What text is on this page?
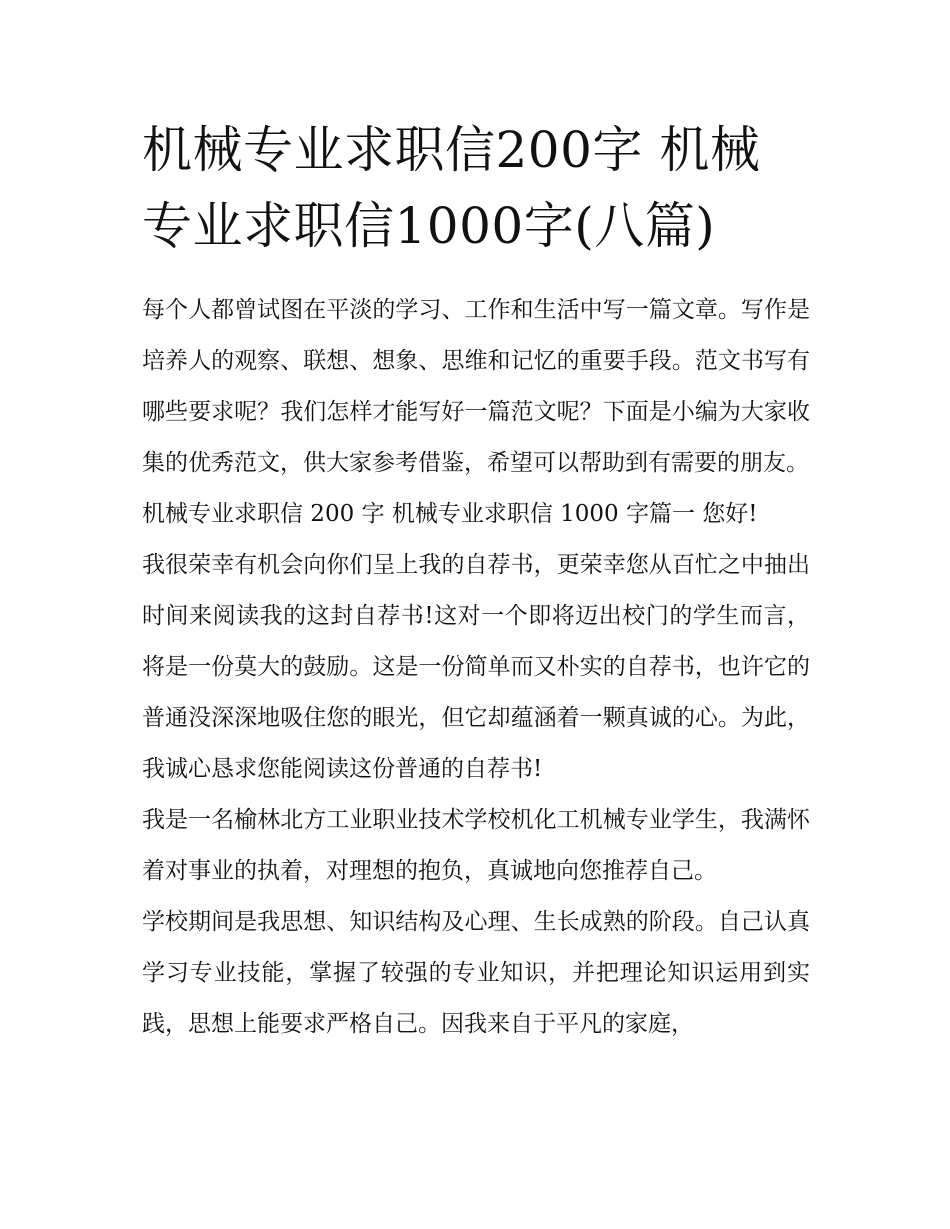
机械专业求职信200字 机械专业求职信1000字(八篇)

每个人都曾试图在平淡的学习、工作和生活中写一篇文章。写作是培养人的观察、联想、想象、思维和记忆的重要手段。范文书写有哪些要求呢？我们怎样才能写好一篇范文呢？下面是小编为大家收集的优秀范文，供大家参考借鉴，希望可以帮助到有需要的朋友。

机械专业求职信 200 字 机械专业求职信 1000 字篇一 您好!

我很荣幸有机会向你们呈上我的自荐书，更荣幸您从百忙之中抽出时间来阅读我的这封自荐书!这对一个即将迈出校门的学生而言，将是一份莫大的鼓励。这是一份简单而又朴实的自荐书，也许它的普通没深深地吸住您的眼光，但它却蕴涵着一颗真诚的心。为此，我诚心恳求您能阅读这份普通的自荐书!

我是一名榆林北方工业职业技术学校机化工机械专业学生，我满怀着对事业的执着，对理想的抱负，真诚地向您推荐自己。

学校期间是我思想、知识结构及心理、生长成熟的阶段。自己认真学习专业技能，掌握了较强的专业知识，并把理论知识运用到实践，思想上能要求严格自己。因我来自于平凡的家庭，
